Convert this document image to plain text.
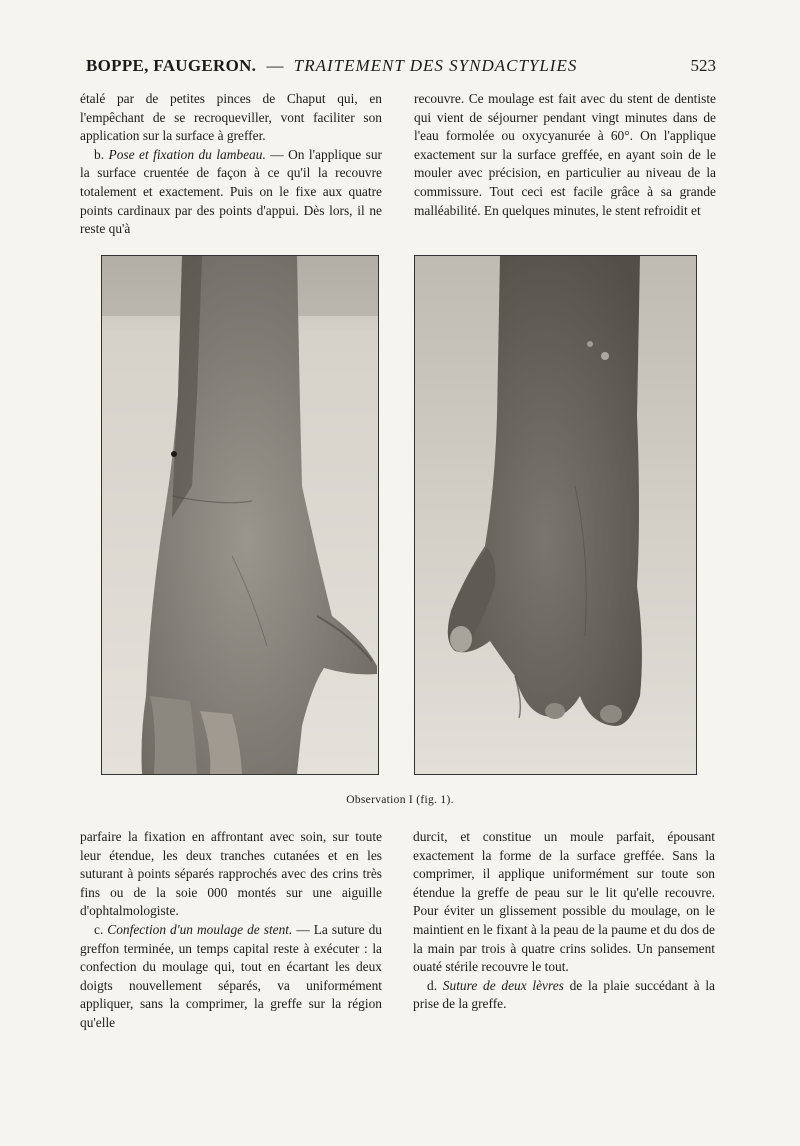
BOPPE, FAUGERON. — TRAITEMENT DES SYNDACTYLIES	523

étalé par de petites pinces de Chaput qui, en l'empêchant de se recroqueviller, vont faciliter son application sur la surface à greffer.

b. Pose et fixation du lambeau. — On l'applique sur la surface cruentée de façon à ce qu'il la recouvre totalement et exactement. Puis on le fixe aux quatre points cardinaux par des points d'appui. Dès lors, il ne reste qu'à

recouvre. Ce moulage est fait avec du stent de dentiste qui vient de séjourner pendant vingt minutes dans de l'eau formolée ou oxycyanurée à 60°. On l'applique exactement sur la surface greffée, en ayant soin de le mouler avec précision, en particulier au niveau de la commissure. Tout ceci est facile grâce à sa grande malléabilité. En quelques minutes, le stent refroidit et

Observation I (fig. 1).

parfaire la fixation en affrontant avec soin, sur toute leur étendue, les deux tranches cutanées et en les suturant à points séparés rapprochés avec des crins très fins ou de la soie 000 montés sur une aiguille d'ophtalmologiste.

c. Confection d'un moulage de stent. — La suture du greffon terminée, un temps capital reste à exécuter : la confection du moulage qui, tout en écartant les deux doigts nouvellement séparés, va uniformément appliquer, sans la comprimer, la greffe sur la région qu'elle

durcit, et constitue un moule parfait, épousant exactement la forme de la surface greffée. Sans la comprimer, il applique uniformément sur toute son étendue la greffe de peau sur le lit qu'elle recouvre. Pour éviter un glissement possible du moulage, on le maintient en le fixant à la peau de la paume et du dos de la main par trois à quatre crins solides. Un pansement ouaté stérile recouvre le tout.

d. Suture de deux lèvres de la plaie succédant à la prise de la greffe.
